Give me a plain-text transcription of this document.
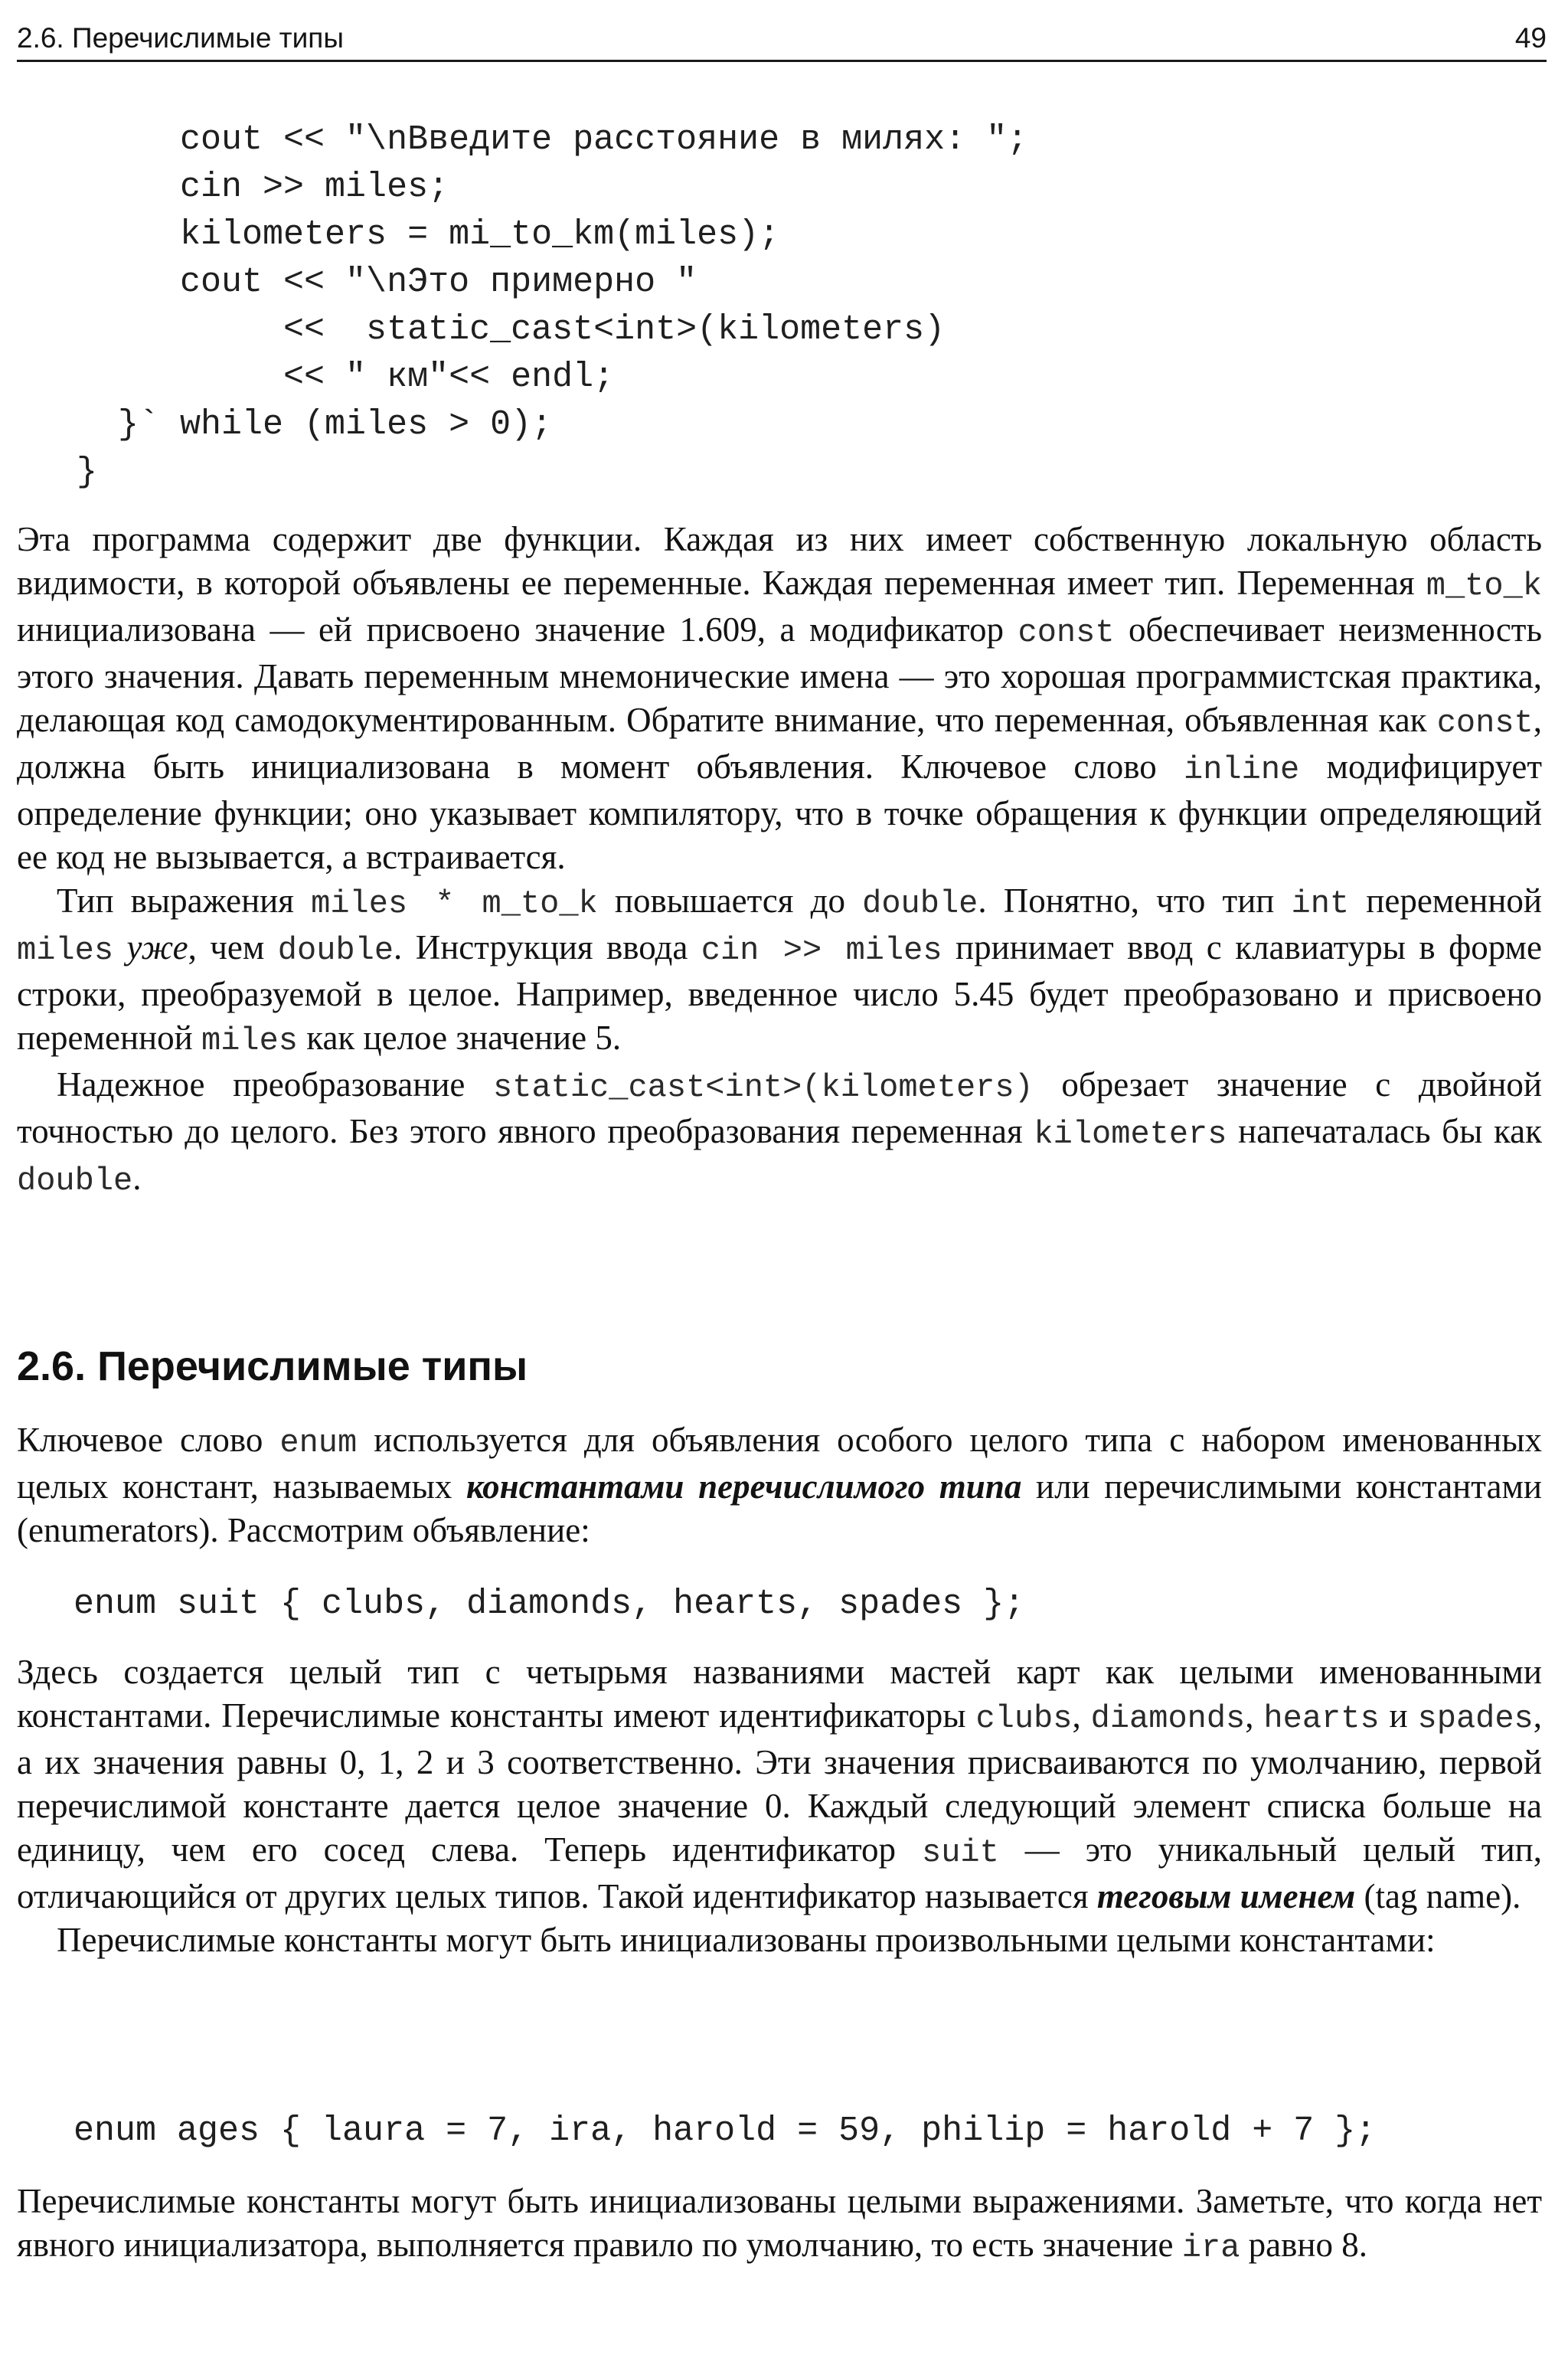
2.6. Перечислимые типы	49
cout << "\nВведите расстояние в милях: ";
cin >> miles;
kilometers = mi_to_km(miles);
cout << "\nЭто примерно "
<<  static_cast<int>(kilometers)
<< " км"<< endl;
}` while (miles > 0);
}

Эта программа содержит две функции. Каждая из них имеет собственную локальную область видимости, в которой объявлены ее переменные. Каждая переменная имеет тип. Переменная m_to_k инициализована — ей присвоено значение 1.609, а модификатор const обеспечивает неизменность этого значения. Давать переменным мнемонические имена — это хорошая программистская практика, делающая код самодокументированным. Обратите внимание, что переменная, объявленная как const, должна быть инициализована в момент объявления. Ключевое слово inline модифицирует определение функции; оно указывает компилятору, что в точке обращения к функции определяющий ее код не вызывается, а встраивается.

Тип выражения miles * m_to_k повышается до double. Понятно, что тип int переменной miles уже, чем double. Инструкция ввода cin >> miles принимает ввод с клавиатуры в форме строки, преобразуемой в целое. Например, введенное число 5.45 будет преобразовано и присвоено переменной miles как целое значение 5.

Надежное преобразование static_cast<int>(kilometers) обрезает значение с двойной точностью до целого. Без этого явного преобразования переменная kilometers напечаталась бы как double.

2.6. Перечислимые типы

Ключевое слово enum используется для объявления особого целого типа с набором именованных целых констант, называемых константами перечислимого типа или перечислимыми константами (enumerators). Рассмотрим объявление:

enum suit { clubs, diamonds, hearts, spades };

Здесь создается целый тип с четырьмя названиями мастей карт как целыми именованными константами. Перечислимые константы имеют идентификаторы clubs, diamonds, hearts и spades, а их значения равны 0, 1, 2 и 3 соответственно. Эти значения присваиваются по умолчанию, первой перечислимой константе дается целое значение 0. Каждый следующий элемент списка больше на единицу, чем его сосед слева. Теперь идентификатор suit — это уникальный целый тип, отличающийся от других целых типов. Такой идентификатор называется теговым именем (tag name).

Перечислимые константы могут быть инициализованы произвольными целыми константами:

enum ages { laura = 7, ira, harold = 59, philip = harold + 7 };

Перечислимые константы могут быть инициализованы целыми выражениями. Заметьте, что когда нет явного инициализатора, выполняется правило по умолчанию, то есть значение ira равно 8.
